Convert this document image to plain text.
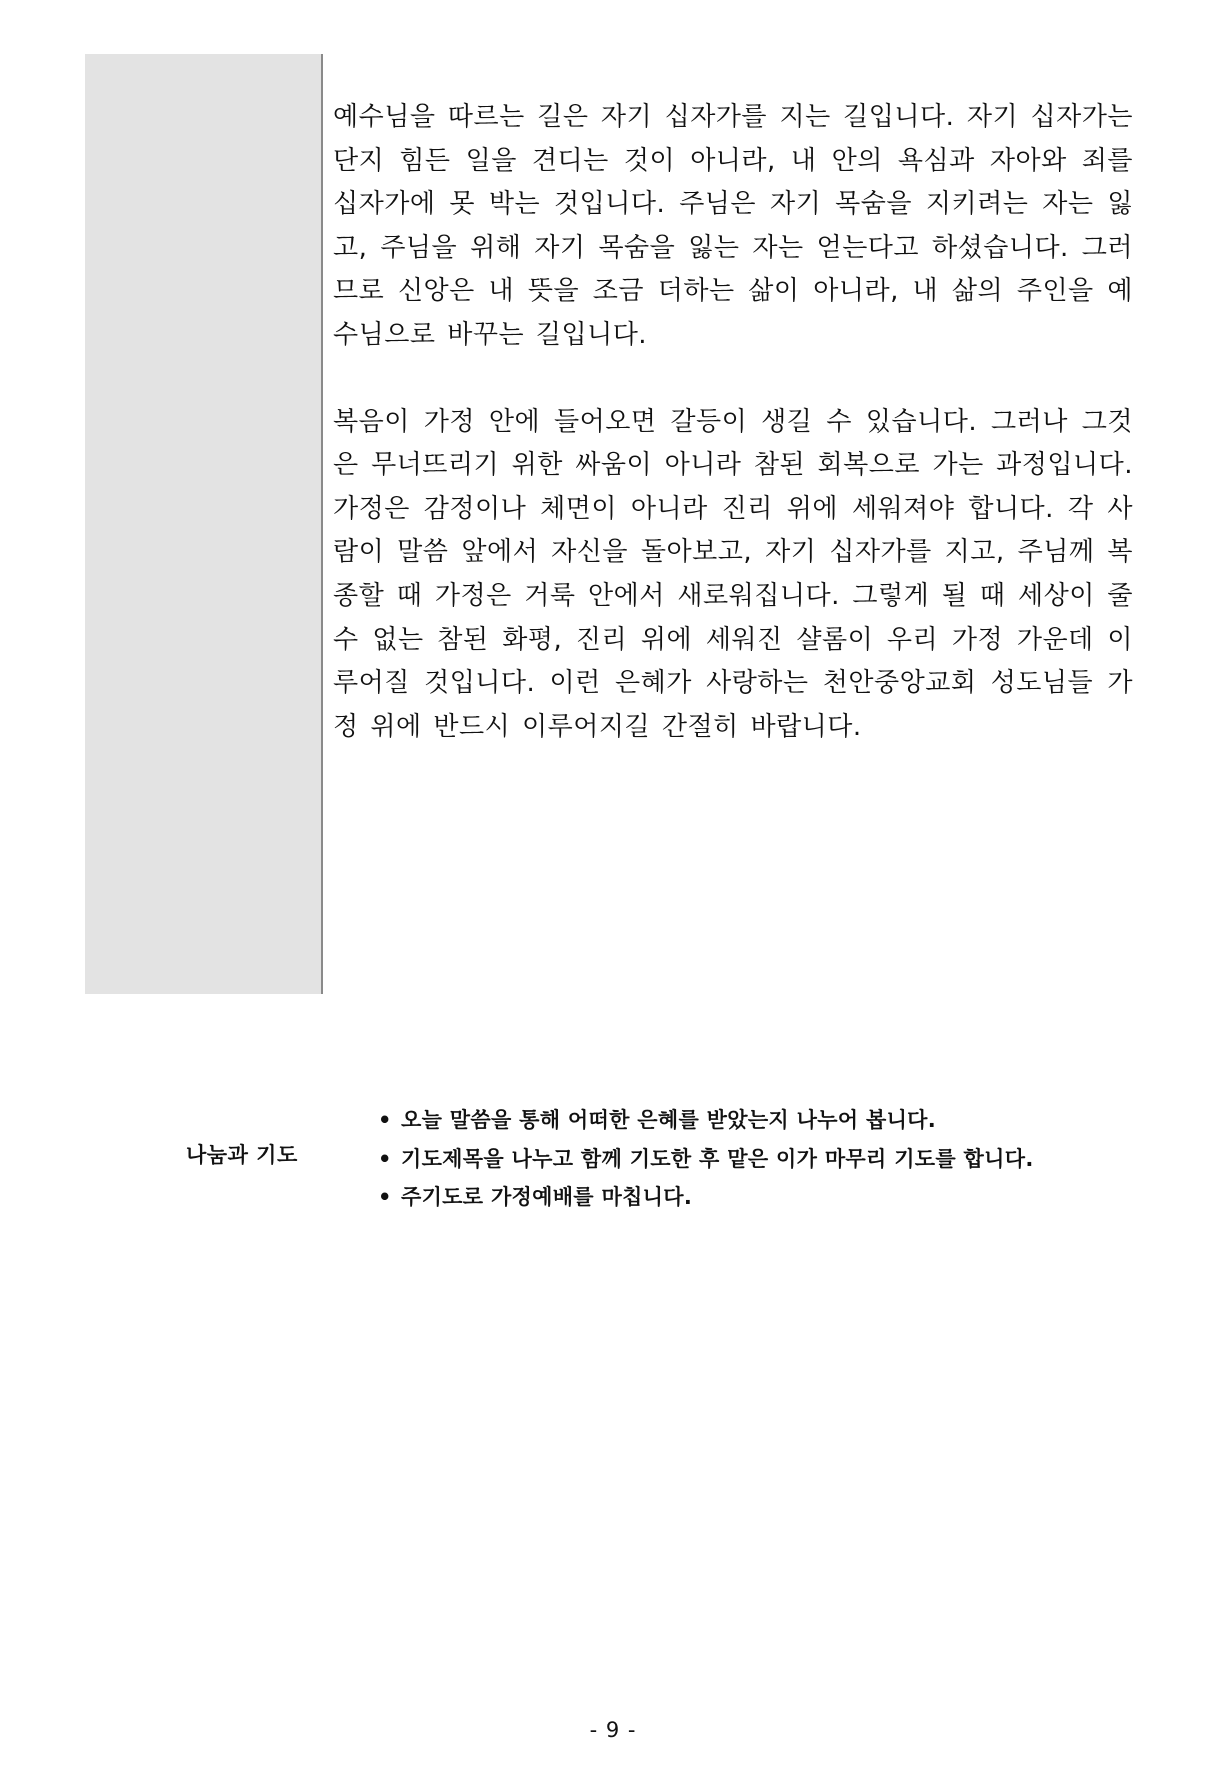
예수님을 따르는 길은 자기 십자가를 지는 길입니다. 자기 십자가는 단지 힘든 일을 견디는 것이 아니라, 내 안의 욕심과 자아와 죄를 십자가에 못 박는 것입니다. 주님은 자기 목숨을 지키려는 자는 잃고, 주님을 위해 자기 목숨을 잃는 자는 얻는다고 하셨습니다. 그러므로 신앙은 내 뜻을 조금 더하는 삶이 아니라, 내 삶의 주인을 예수님으로 바꾸는 길입니다.

복음이 가정 안에 들어오면 갈등이 생길 수 있습니다. 그러나 그것은 무너뜨리기 위한 싸움이 아니라 참된 회복으로 가는 과정입니다. 가정은 감정이나 체면이 아니라 진리 위에 세워져야 합니다. 각 사람이 말씀 앞에서 자신을 돌아보고, 자기 십자가를 지고, 주님께 복종할 때 가정은 거룩 안에서 새로워집니다. 그렇게 될 때 세상이 줄 수 없는 참된 화평, 진리 위에 세워진 샬롬이 우리 가정 가운데 이루어질 것입니다. 이런 은혜가 사랑하는 천안중앙교회 성도님들 가정 위에 반드시 이루어지길 간절히 바랍니다.

나눔과 기도
• 오늘 말씀을 통해 어떠한 은혜를 받았는지 나누어 봅니다.
• 기도제목을 나누고 함께 기도한 후 맡은 이가 마무리 기도를 합니다.
• 주기도로 가정예배를 마칩니다.
- 9 -
